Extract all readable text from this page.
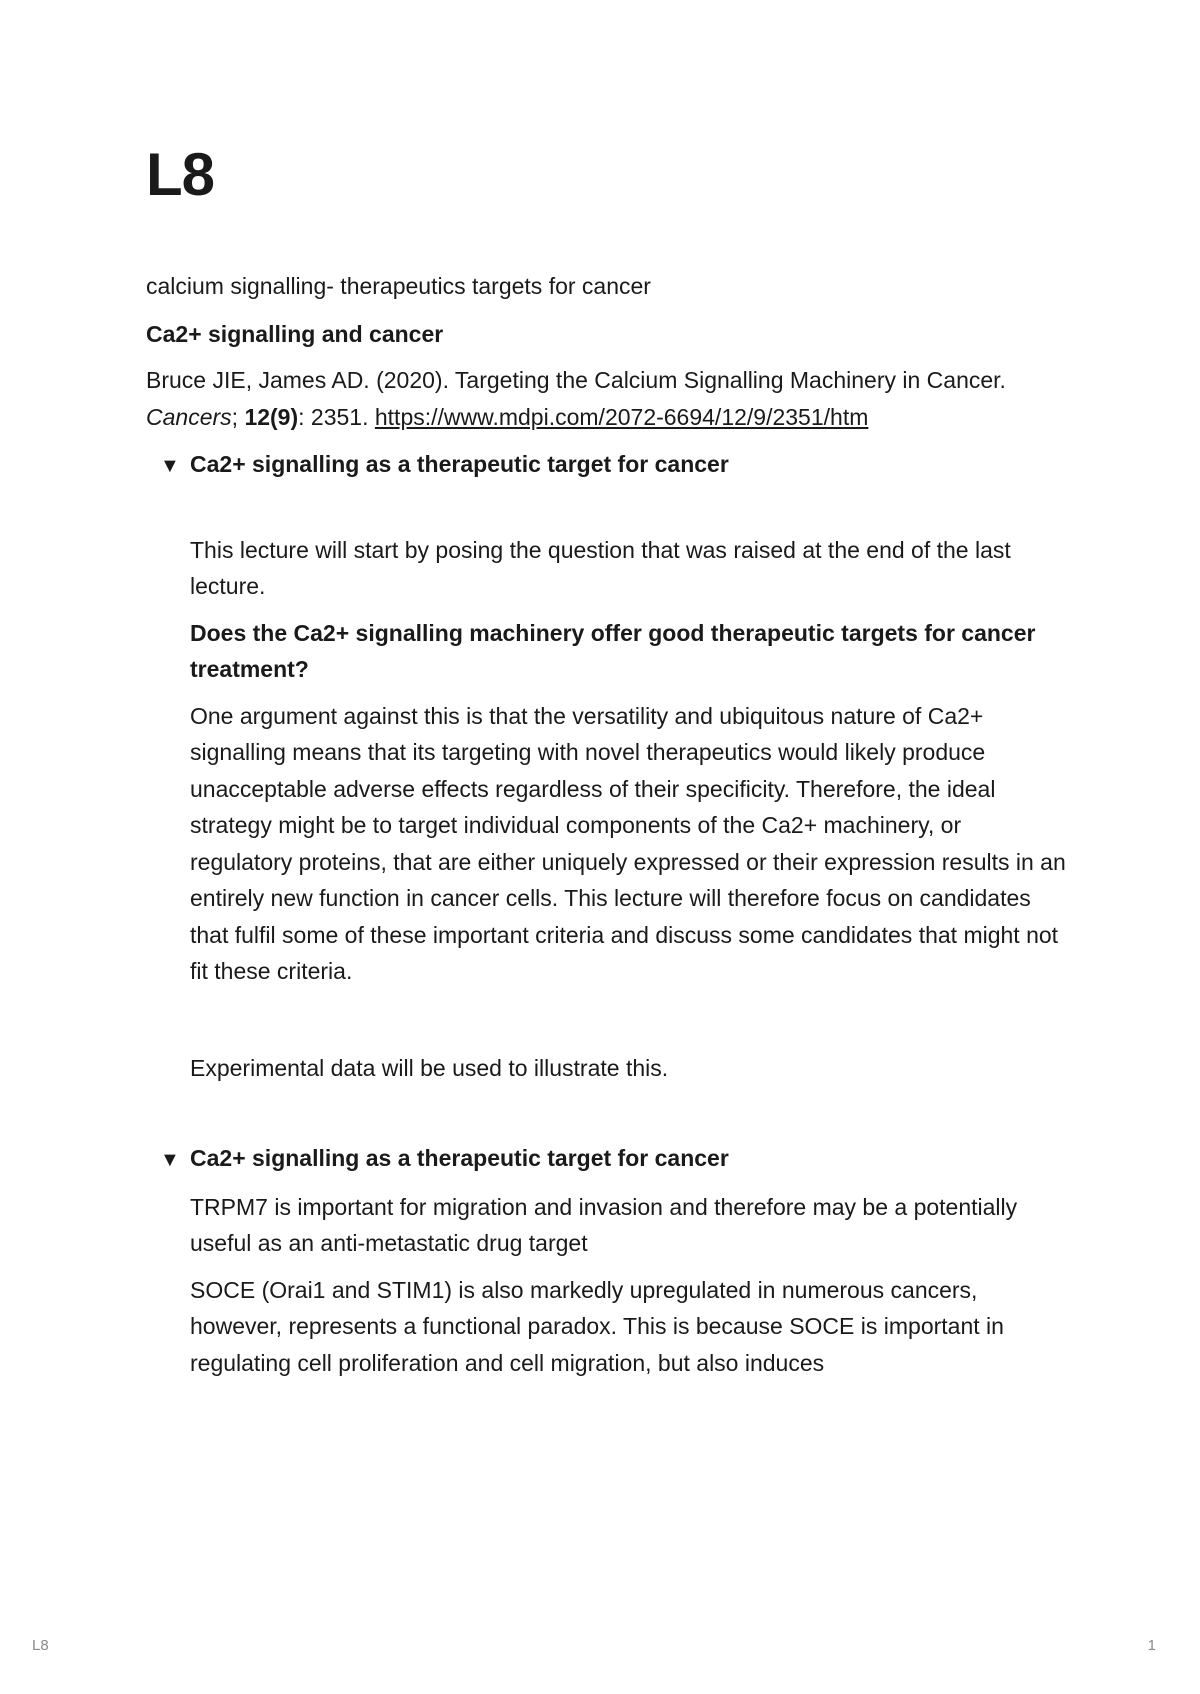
L8

calcium signalling- therapeutics targets for cancer

Ca2+ signalling and cancer

Bruce JIE, James AD. (2020). Targeting the Calcium Signalling Machinery in Cancer. Cancers; 12(9): 2351. https://www.mdpi.com/2072-6694/12/9/2351/htm

▼ Ca2+ signalling as a therapeutic target for cancer

This lecture will start by posing the question that was raised at the end of the last lecture.

Does the Ca2+ signalling machinery offer good therapeutic targets for cancer treatment?

One argument against this is that the versatility and ubiquitous nature of Ca2+ signalling means that its targeting with novel therapeutics would likely produce unacceptable adverse effects regardless of their specificity. Therefore, the ideal strategy might be to target individual components of the Ca2+ machinery, or regulatory proteins, that are either uniquely expressed or their expression results in an entirely new function in cancer cells. This lecture will therefore focus on candidates that fulfil some of these important criteria and discuss some candidates that might not fit these criteria.

Experimental data will be used to illustrate this.

▼ Ca2+ signalling as a therapeutic target for cancer

TRPM7 is important for migration and invasion and therefore may be a potentially useful as an anti-metastatic drug target

SOCE (Orai1 and STIM1) is also markedly upregulated in numerous cancers, however, represents a functional paradox. This is because SOCE is important in regulating cell proliferation and cell migration, but also induces

L8	1
